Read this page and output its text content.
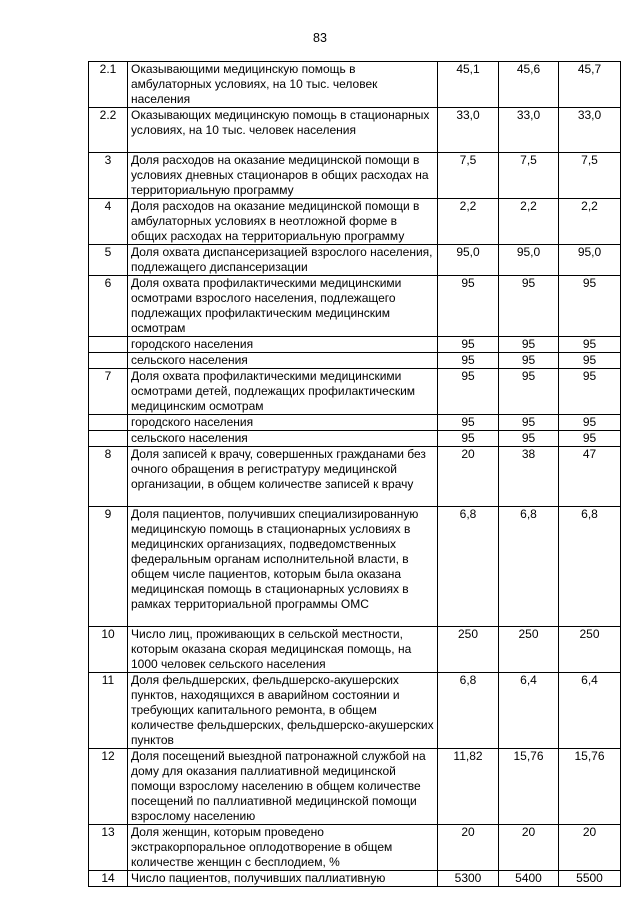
83
2.1	Оказывающими медицинскую помощь в амбулаторных условиях, на 10 тыс. человек населения	45,1	45,6	45,7
2.2	Оказывающих медицинскую помощь в стационарных условиях, на 10 тыс. человек населения	33,0	33,0	33,0
3	Доля расходов на оказание медицинской помощи в условиях дневных стационаров в общих расходах на территориальную программу	7,5	7,5	7,5
4	Доля расходов на оказание медицинской помощи в амбулаторных условиях в неотложной форме в общих расходах на территориальную программу	2,2	2,2	2,2
5	Доля охвата диспансеризацией взрослого населения, подлежащего диспансеризации	95,0	95,0	95,0
6	Доля охвата профилактическими медицинскими осмотрами взрослого населения, подлежащего подлежащих профилактическим медицинским осмотрам	95	95	95
	городского населения	95	95	95
	сельского населения	95	95	95
7	Доля охвата профилактическими медицинскими осмотрами детей, подлежащих профилактическим медицинским осмотрам	95	95	95
	городского населения	95	95	95
	сельского населения	95	95	95
8	Доля записей к врачу, совершенных гражданами без очного обращения в регистратуру медицинской организации, в общем количестве записей к врачу	20	38	47
9	Доля пациентов, получивших специализированную медицинскую помощь в стационарных условиях в медицинских организациях, подведомственных федеральным органам исполнительной власти, в общем числе пациентов, которым была оказана медицинская помощь в стационарных условиях в рамках территориальной программы ОМС	6,8	6,8	6,8
10	Число лиц, проживающих в сельской местности, которым оказана скорая медицинская помощь, на 1000 человек сельского населения	250	250	250
11	Доля фельдшерских, фельдшерско-акушерских пунктов, находящихся в аварийном состоянии и требующих капитального ремонта, в общем количестве фельдшерских, фельдшерско-акушерских пунктов	6,8	6,4	6,4
12	Доля посещений выездной патронажной службой на дому для оказания паллиативной медицинской помощи взрослому населению в общем количестве посещений по паллиативной медицинской помощи взрослому населению	11,82	15,76	15,76
13	Доля женщин, которым проведено экстракорпоральное оплодотворение в общем количестве женщин с бесплодием, %	20	20	20
14	Число пациентов, получивших паллиативную	5300	5400	5500
